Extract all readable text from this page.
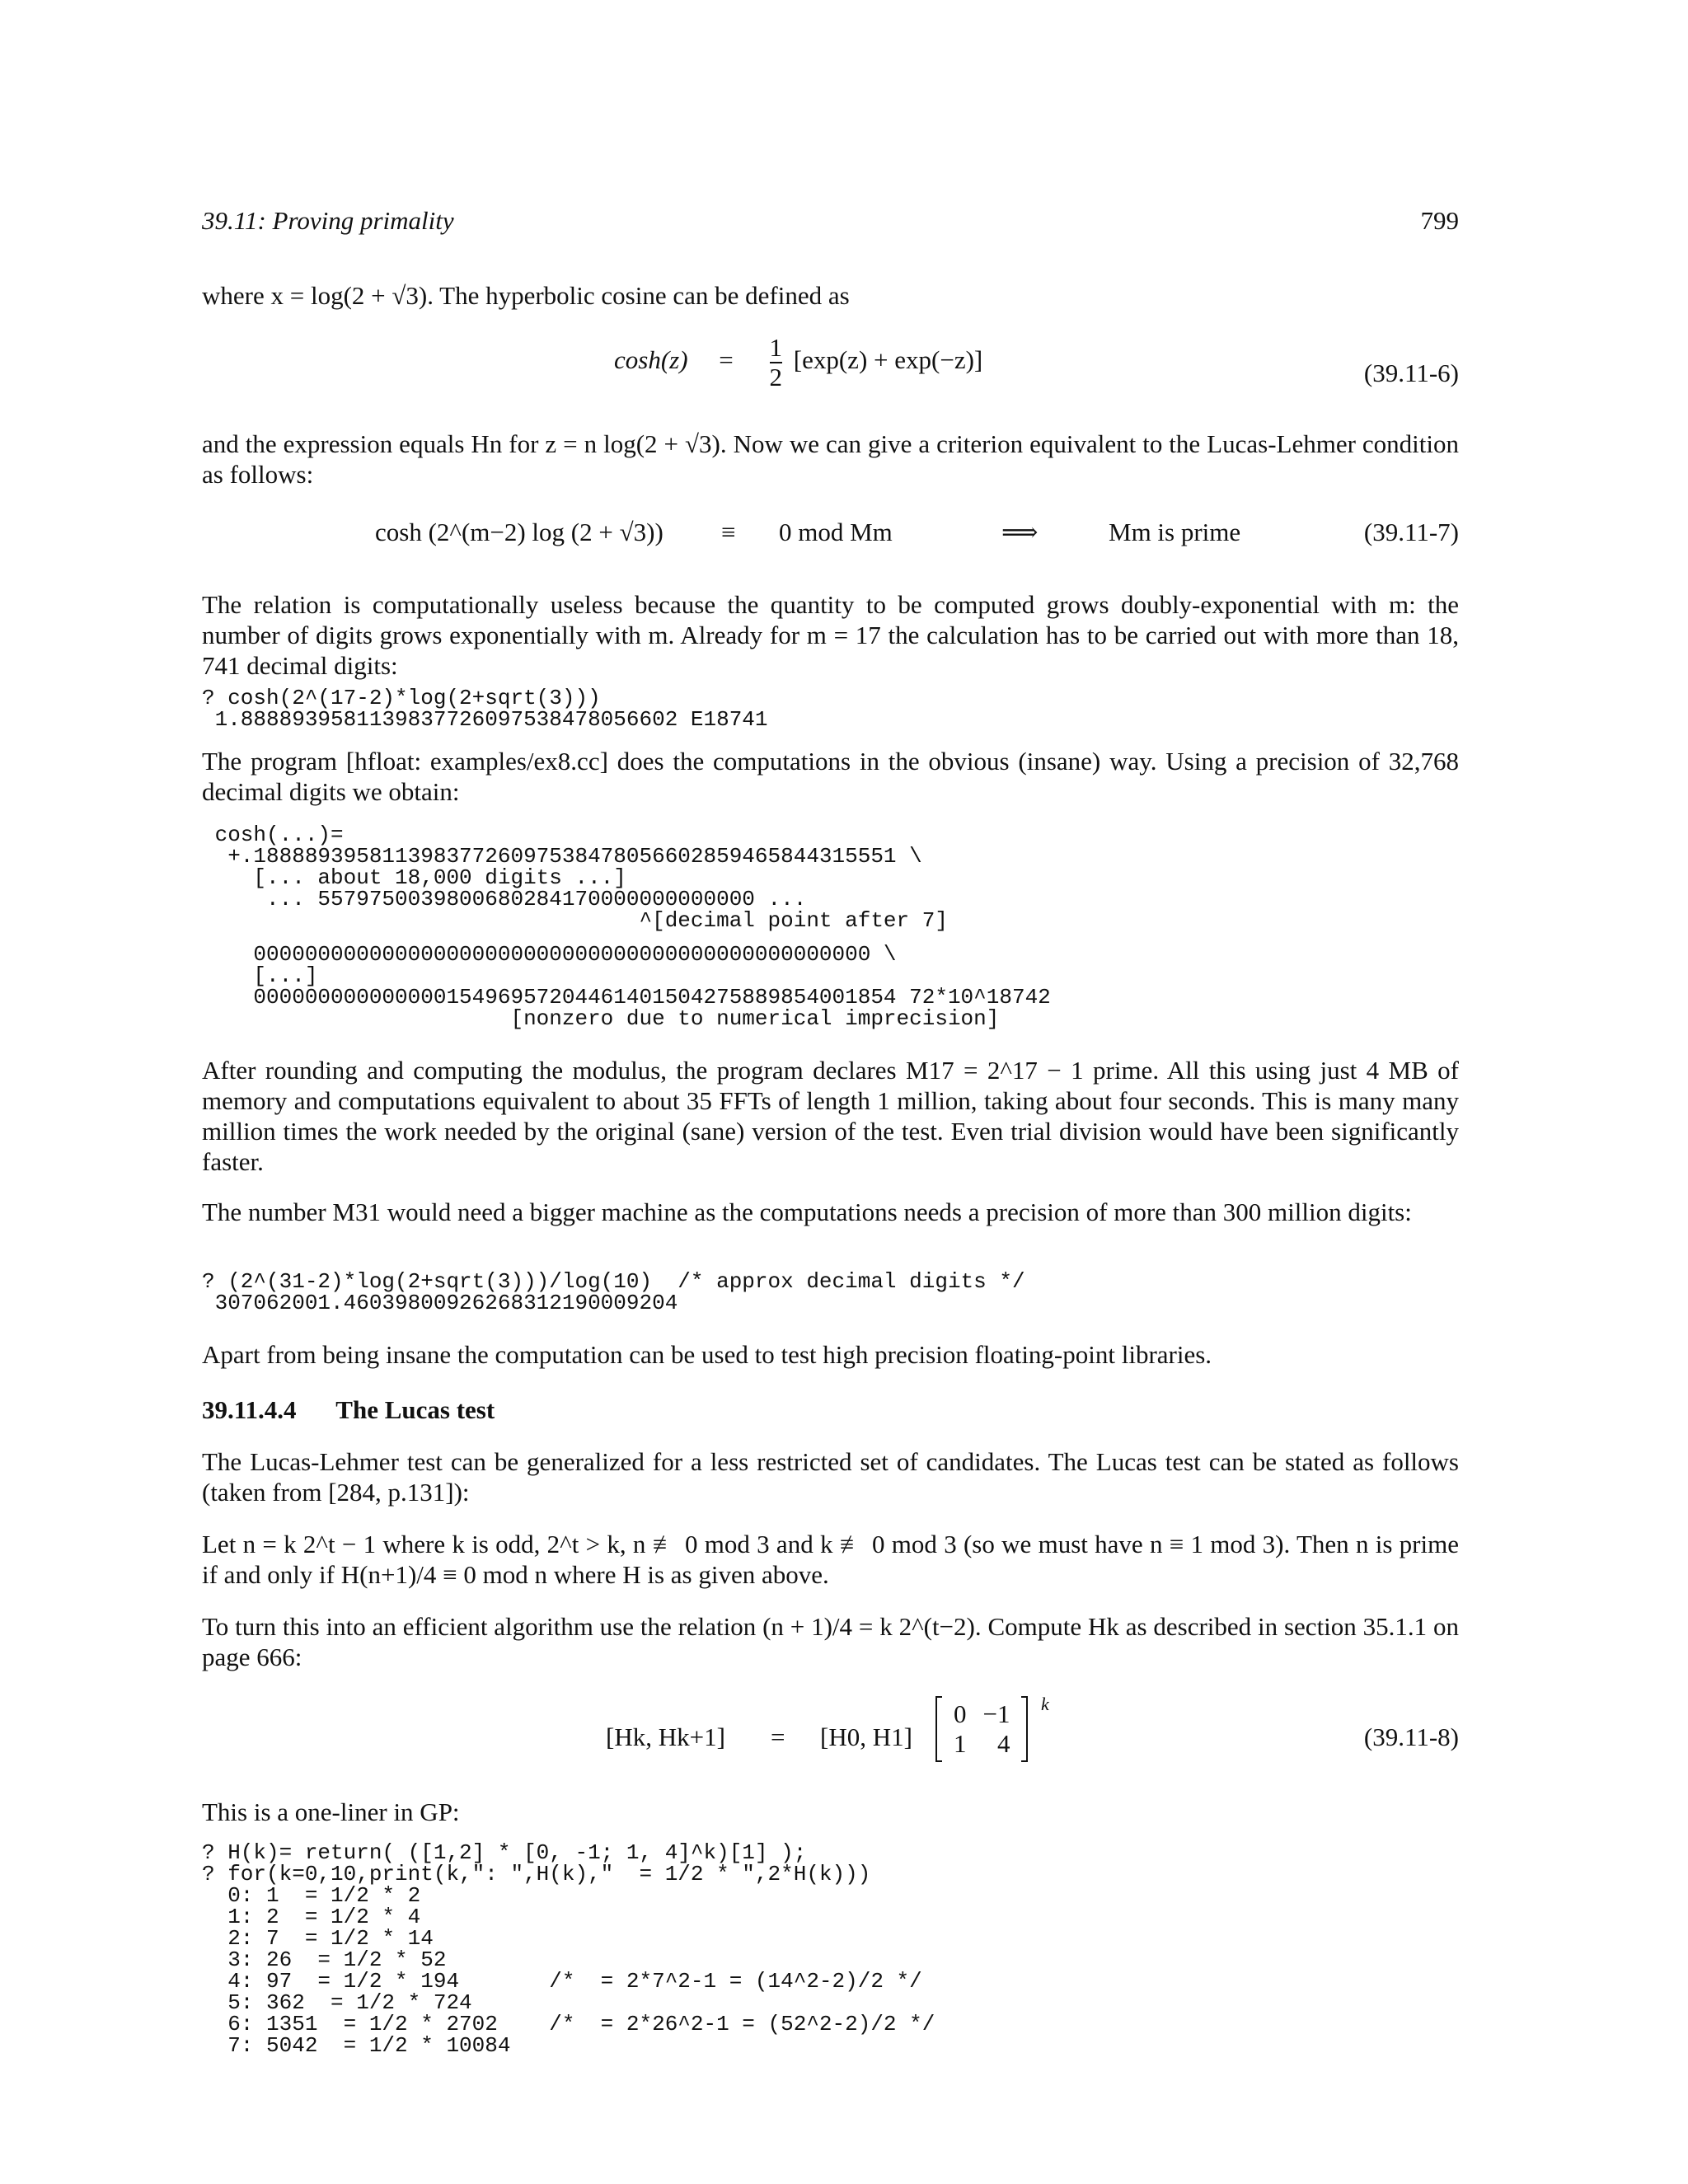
39.11: Proving primality	799
where x = log(2 + √3). The hyperbolic cosine can be defined as
$\cosh(z) = \frac{1}{2} [\exp(z) + \exp(-z)]$	(39.11-6)
and the expression equals Hn for z = n log(2 + √3). Now we can give a criterion equivalent to the Lucas-Lehmer condition as follows:
cosh (2^(m−2) log (2 + √3)) ≡ 0 mod Mm	⟹	Mm is prime	(39.11-7)
The relation is computationally useless because the quantity to be computed grows doubly-exponential with m: the number of digits grows exponentially with m. Already for m = 17 the calculation has to be carried out with more than 18, 741 decimal digits:
? cosh(2^(17-2)*log(2+sqrt(3)))
1.8888939581139837726097538478056602 E18741
The program [hfloat: examples/ex8.cc] does the computations in the obvious (insane) way. Using a precision of 32,768 decimal digits we obtain:
cosh(...)=
+.18888939581139837726097538478056602859465844315551 \
[... about 18,000 digits ...]
... 5579750039800680284170000000000000 ...
^[decimal point after 7]
000000000000000000000000000000000000000000000000 \
[...]
00000000000000015496957204461401504275889854001854 72*10^18742
[nonzero due to numerical imprecision]
After rounding and computing the modulus, the program declares M17 = 2^17 − 1 prime. All this using just 4 MB of memory and computations equivalent to about 35 FFTs of length 1 million, taking about four seconds. This is many many million times the work needed by the original (sane) version of the test. Even trial division would have been significantly faster.
The number M31 would need a bigger machine as the computations needs a precision of more than 300 million digits:
? (2^(31-2)*log(2+sqrt(3)))/log(10)  /* approx decimal digits */
307062001.46039800926268312190009204
Apart from being insane the computation can be used to test high precision floating-point libraries.
39.11.4.4 The Lucas test
The Lucas-Lehmer test can be generalized for a less restricted set of candidates. The Lucas test can be stated as follows (taken from [284, p.131]):
Let n = k 2^t − 1 where k is odd, 2^t > k, n ≢ 0 mod 3 and k ≢ 0 mod 3 (so we must have n ≡ 1 mod 3). Then n is prime if and only if H(n+1)/4 ≡ 0 mod n where H is as given above.
To turn this into an efficient algorithm use the relation (n + 1)/4 = k 2^(t−2). Compute Hk as described in section 35.1.1 on page 666:
[Hk, Hk+1] = [H0, H1]
0	−1
1	4
k
(39.11-8)
This is a one-liner in GP:
? H(k)= return( ([1,2] * [0, -1; 1, 4]^k)[1] );
? for(k=0,10,print(k,": ",H(k),"  = 1/2 * ",2*H(k)))
0: 1  = 1/2 * 2
1: 2  = 1/2 * 4
2: 7  = 1/2 * 14
3: 26  = 1/2 * 52
4: 97  = 1/2 * 194       /*  = 2*7^2-1 = (14^2-2)/2 */
5: 362  = 1/2 * 724
6: 1351  = 1/2 * 2702    /*  = 2*26^2-1 = (52^2-2)/2 */
7: 5042  = 1/2 * 10084
